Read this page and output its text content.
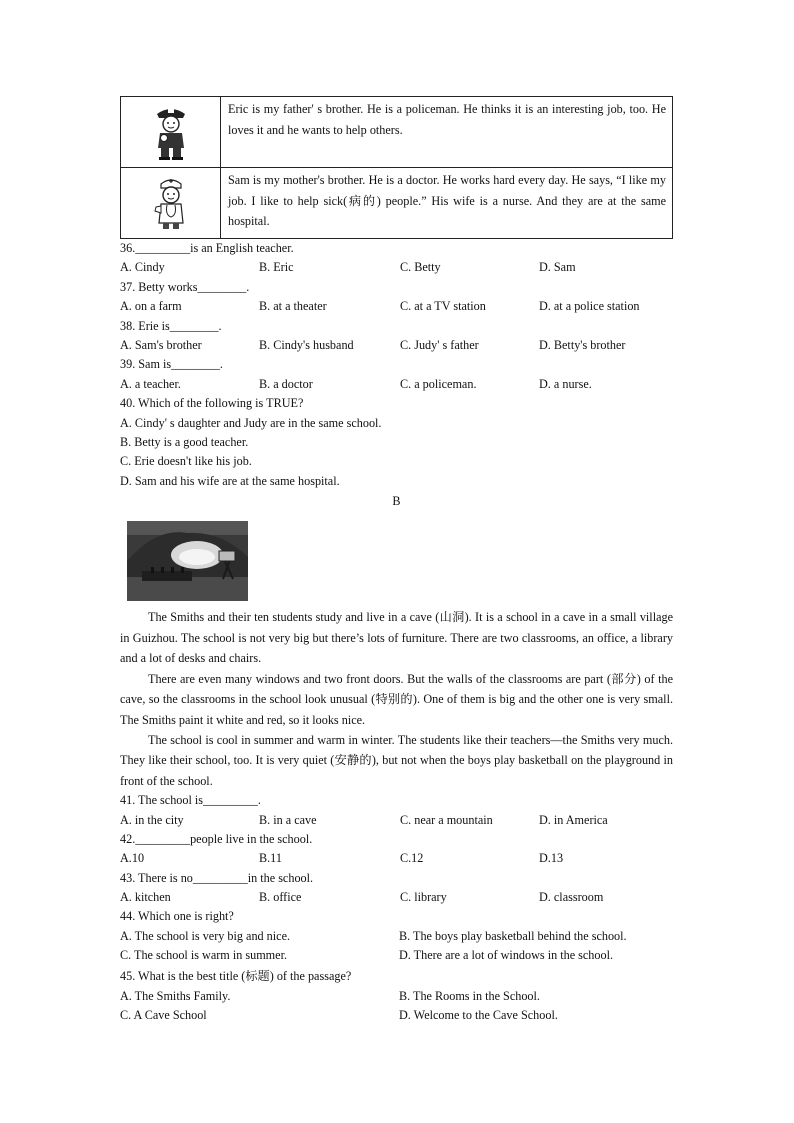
	Eric is my father' s brother. He is a policeman. He thinks it is an interesting job, too. He loves it and he wants to help others.
	Sam is my mother's brother. He is a doctor. He works hard every day. He says, “I like my job. I like to help sick(病的) people.” His wife is a nurse. And they are at the same hospital.
36._________is an English teacher.
A. Cindy	B. Eric	C. Betty	D. Sam
37. Betty works________.
A. on a farm	B. at a theater	C. at a TV station	D. at a police station
38. Erie is________.
A. Sam's brother	B. Cindy's husband	C. Judy' s father	D. Betty's brother
39. Sam is________.
A. a teacher.	B. a doctor	C. a policeman.	D. a nurse.
40. Which of the following is TRUE?
A. Cindy' s daughter and Judy are in the same school.
B. Betty is a good teacher.
C. Erie doesn't like his job.
D. Sam and his wife are at the same hospital.
B

The Smiths and their ten students study and live in a cave (山洞). It is a school in a cave in a small village in Guizhou. The school is not very big but there’s lots of furniture. There are two classrooms, an office, a library and a lot of desks and chairs.

There are even many windows and two front doors. But the walls of the classrooms are part (部分) of the cave, so the classrooms in the school look unusual (特别的). One of them is big and the other one is very small. The Smiths paint it white and red, so it looks nice.

The school is cool in summer and warm in winter. The students like their teachers—the Smiths very much. They like their school, too. It is very quiet (安静的), but not when the boys play basketball on the playground in front of the school.

41. The school is_________.
A. in the city	B. in a cave	C. near a mountain	D. in America
42._________people live in the school.
A.10	B.11	C.12	D.13
43. There is no_________in the school.
A. kitchen	B. office	C. library	D. classroom
44. Which one is right?
A. The school is very big and nice.	B. The boys play basketball behind the school.
C. The school is warm in summer.	D. There are a lot of windows in the school.
45. What is the best title (标题) of the passage?
A. The Smiths Family.	B. The Rooms in the School.
C. A Cave School	D. Welcome to the Cave School.
